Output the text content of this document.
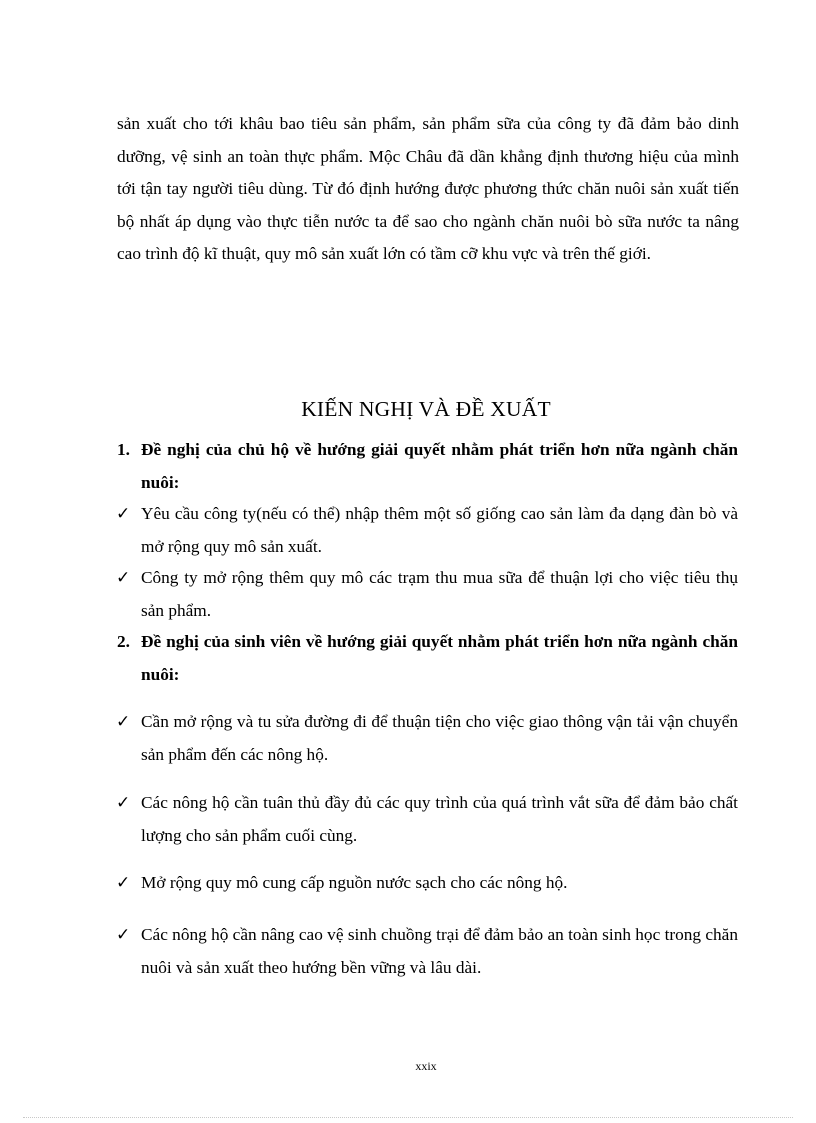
sản xuất cho tới khâu bao tiêu sản phẩm, sản phẩm sữa của công ty đã đảm bảo dinh dưỡng, vệ sinh an toàn thực phẩm. Mộc Châu đã dần khẳng định thương hiệu của mình tới tận tay người tiêu dùng. Từ đó định hướng được phương thức chăn nuôi sản xuất tiến bộ nhất áp dụng vào thực tiễn nước ta để sao cho ngành chăn nuôi bò sữa nước ta nâng cao trình độ kĩ thuật, quy mô sản xuất lớn có tầm cỡ khu vực và trên thế giới.

KIẾN NGHỊ VÀ ĐỀ XUẤT
1. Đề nghị của chủ hộ về hướng giải quyết nhằm phát triển hơn nữa ngành chăn nuôi:
✓ Yêu cầu công ty(nếu có thể) nhập thêm một số giống cao sản làm đa dạng đàn bò và mở rộng quy mô sản xuất.
✓ Công ty mở rộng thêm quy mô các trạm thu mua sữa để thuận lợi cho việc tiêu thụ sản phẩm.
2. Đề nghị của sinh viên về hướng giải quyết nhằm phát triển hơn nữa ngành chăn nuôi:
✓ Cần mở rộng và tu sửa đường đi để thuận tiện cho việc giao thông vận tải vận chuyển sản phẩm đến các nông hộ.
✓ Các nông hộ cần tuân thủ đầy đủ các quy trình của quá trình vắt sữa để đảm bảo chất lượng cho sản phẩm cuối cùng.
✓ Mở rộng quy mô cung cấp nguồn nước sạch cho các nông hộ.
✓ Các nông hộ cần nâng cao vệ sinh chuồng trại để đảm bảo an toàn sinh học trong chăn nuôi và sản xuất theo hướng bền vững và lâu dài.
xxix
